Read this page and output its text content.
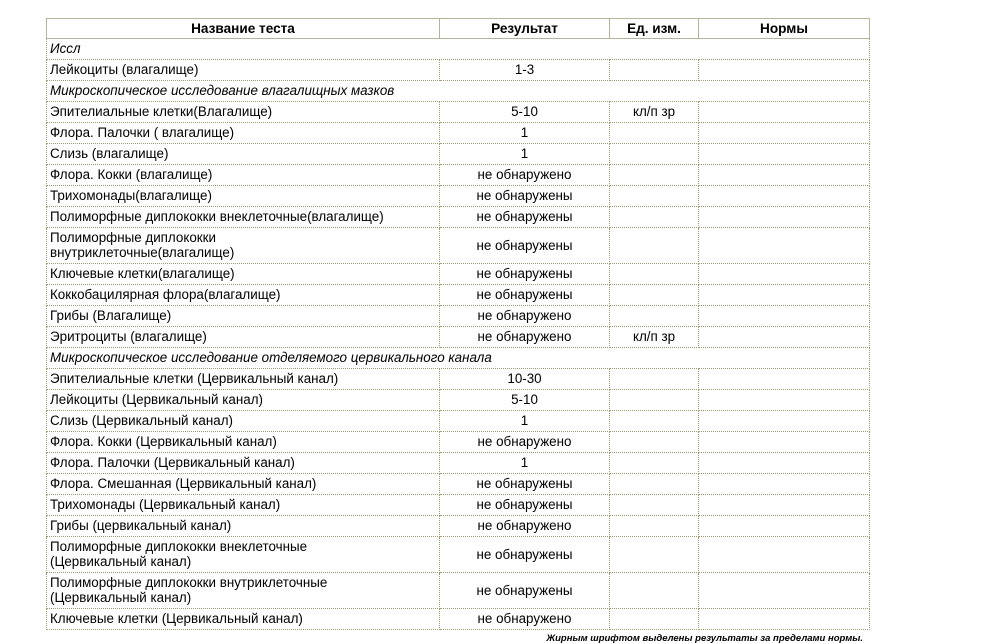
Название теста	Результат	Ед. изм.	Нормы
Иссл			
Лейкоциты (влагалище)	1-3		
Микроскопическое исследование влагалищных мазков			
Эпителиальные клетки(Влагалище)	5-10	кл/п зр	
Флора. Палочки ( влагалище)	1		
Слизь (влагалище)	1		
Флора. Кокки (влагалище)	не обнаружено		
Трихомонады(влагалище)	не обнаружены		
Полиморфные диплококки внеклеточные(влагалище)	не обнаружены		
Полиморфные диплококки
внутриклеточные(влагалище)	не обнаружены		
Ключевые клетки(влагалище)	не обнаружены		
Коккобацилярная флора(влагалище)	не обнаружены		
Грибы (Влагалище)	не обнаружено		
Эритроциты (влагалище)	не обнаружено	кл/п зр	
Микроскопическое исследование отделяемого цервикального канала			
Эпителиальные клетки (Цервикальный канал)	10-30		
Лейкоциты (Цервикальный канал)	5-10		
Слизь (Цервикальный канал)	1		
Флора. Кокки (Цервикальный канал)	не обнаружено		
Флора. Палочки (Цервикальный канал)	1		
Флора. Смешанная (Цервикальный канал)	не обнаружены		
Трихомонады (Цервикальный канал)	не обнаружены		
Грибы (цервикальный канал)	не обнаружено		
Полиморфные диплококки внеклеточные
(Цервикальный канал)	не обнаружены		
Полиморфные диплококки внутриклеточные
(Цервикальный канал)	не обнаружены		
Ключевые клетки (Цервикальный канал)	не обнаружено		
Жирным шрифтом выделены результаты за пределами нормы.
